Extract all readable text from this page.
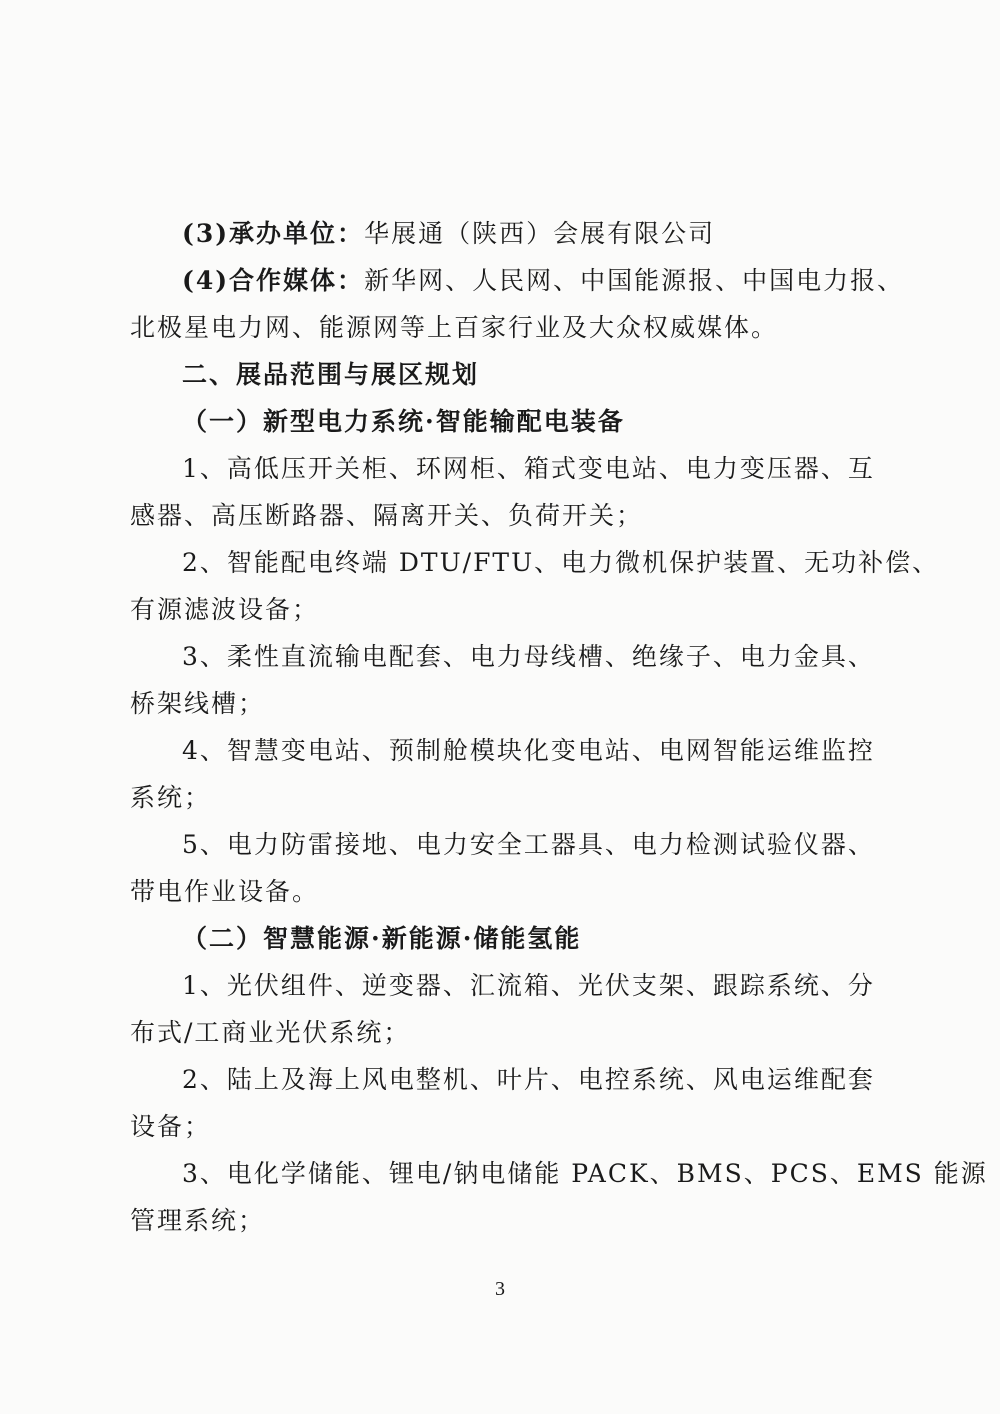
(3)承办单位：华展通（陕西）会展有限公司
(4)合作媒体：新华网、人民网、中国能源报、中国电力报、
北极星电力网、能源网等上百家行业及大众权威媒体。
二、展品范围与展区规划
（一）新型电力系统·智能输配电装备
1、高低压开关柜、环网柜、箱式变电站、电力变压器、互
感器、高压断路器、隔离开关、负荷开关；
2、智能配电终端 DTU/FTU、电力微机保护装置、无功补偿、
有源滤波设备；
3、柔性直流输电配套、电力母线槽、绝缘子、电力金具、
桥架线槽；
4、智慧变电站、预制舱模块化变电站、电网智能运维监控
系统；
5、电力防雷接地、电力安全工器具、电力检测试验仪器、
带电作业设备。
（二）智慧能源·新能源·储能氢能
1、光伏组件、逆变器、汇流箱、光伏支架、跟踪系统、分
布式/工商业光伏系统；
2、陆上及海上风电整机、叶片、电控系统、风电运维配套
设备；
3、电化学储能、锂电/钠电储能 PACK、BMS、PCS、EMS 能源
管理系统；
3
